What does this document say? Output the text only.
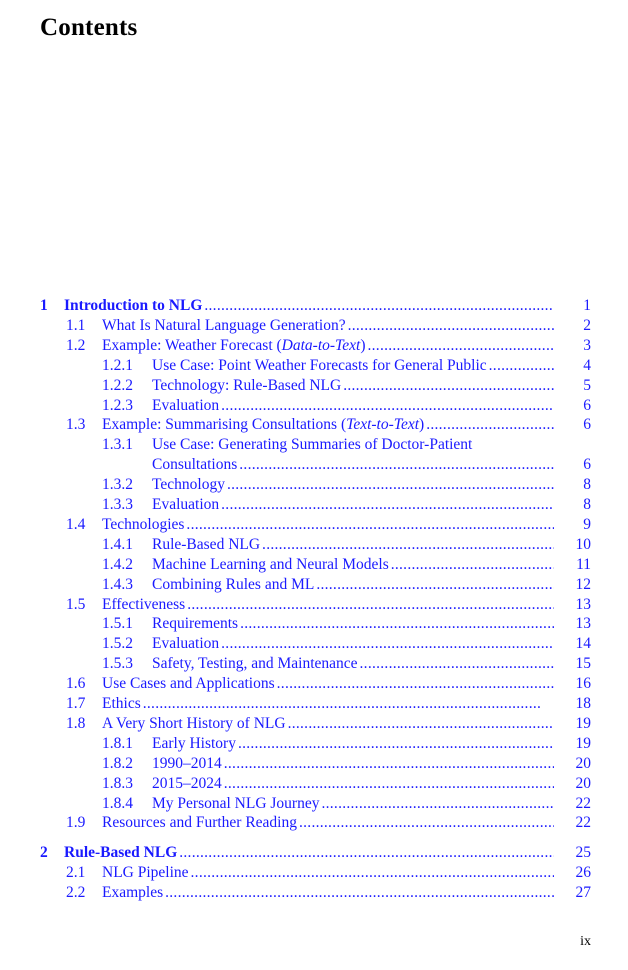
Contents
1 Introduction to NLG . . .	1
1.1 What Is Natural Language Generation? . . .	2
1.2 Example: Weather Forecast (Data-to-Text) . . .	3
1.2.1 Use Case: Point Weather Forecasts for General Public . . .	4
1.2.2 Technology: Rule-Based NLG . . .	5
1.2.3 Evaluation . . .	6
1.3 Example: Summarising Consultations (Text-to-Text) . . .	6
1.3.1 Use Case: Generating Summaries of Doctor-Patient
Consultations . . .	6
1.3.2 Technology . . .	8
1.3.3 Evaluation . . .	8
1.4 Technologies . . .	9
1.4.1 Rule-Based NLG . . .	10
1.4.2 Machine Learning and Neural Models . . .	11
1.4.3 Combining Rules and ML . . .	12
1.5 Effectiveness . . .	13
1.5.1 Requirements . . .	13
1.5.2 Evaluation . . .	14
1.5.3 Safety, Testing, and Maintenance . . .	15
1.6 Use Cases and Applications . . .	16
1.7 Ethics . . .	18
1.8 A Very Short History of NLG . . .	19
1.8.1 Early History . . .	19
1.8.2 1990–2014 . . .	20
1.8.3 2015–2024 . . .	20
1.8.4 My Personal NLG Journey . . .	22
1.9 Resources and Further Reading . . .	22
2 Rule-Based NLG . . .	25
2.1 NLG Pipeline . . .	26
2.2 Examples . . .	27
ix
